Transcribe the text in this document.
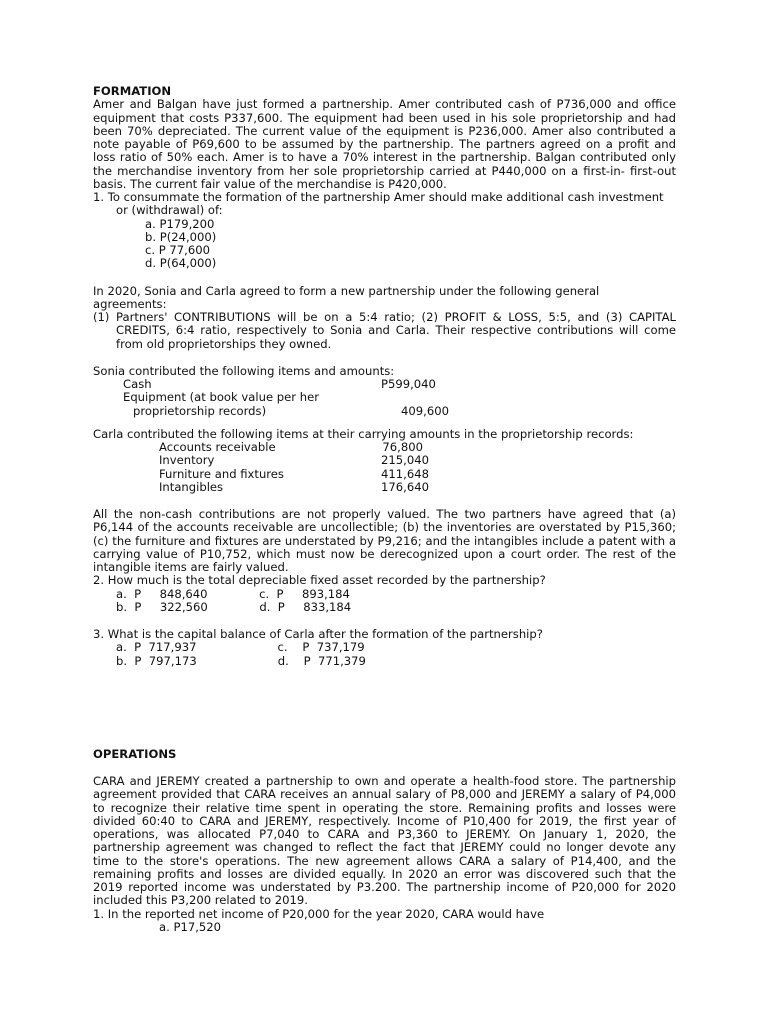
FORMATION

Amer and Balgan have just formed a partnership. Amer contributed cash of P736,000 and office equipment that costs P337,600. The equipment had been used in his sole proprietorship and had been 70% depreciated. The current value of the equipment is P236,000. Amer also contributed a note payable of P69,600 to be assumed by the partnership. The partners agreed on a profit and loss ratio of 50% each. Amer is to have a 70% interest in the partnership. Balgan contributed only the merchandise inventory from her sole proprietorship carried at P440,000 on a first-in- first-out basis. The current fair value of the merchandise is P420,000.

1. To consummate the formation of the partnership Amer should make additional cash investment

or (withdrawal) of:

a. P179,200

b. P(24,000)

c. P 77,600

d. P(64,000)

In 2020, Sonia and Carla agreed to form a new partnership under the following general agreements:

(1) Partners' CONTRIBUTIONS will be on a 5:4 ratio; (2) PROFIT & LOSS, 5:5, and (3) CAPITAL CREDITS, 6:4 ratio, respectively to Sonia and Carla. Their respective contributions will come from old proprietorships they owned.

Sonia contributed the following items and amounts:

Cash	P599,040

Equipment (at book value per her

proprietorship records)	409,600

Carla contributed the following items at their carrying amounts in the proprietorship records:

Accounts receivable	76,800
Inventory	215,040
Furniture and fixtures	411,648
Intangibles	176,640

All the non-cash contributions are not properly valued. The two partners have agreed that (a) P6,144 of the accounts receivable are uncollectible; (b) the inventories are overstated by P15,360; (c) the furniture and fixtures are understated by P9,216; and the intangibles include a patent with a carrying value of P10,752, which must now be derecognized upon a court order. The rest of the intangible items are fairly valued.

2. How much is the total depreciable fixed asset recorded by the partnership?

a.  P     848,640              c.  P     893,184

b.  P     322,560              d.  P     833,184

3. What is the capital balance of Carla after the formation of the partnership?

a.  P  717,937                      c.    P  737,179

b.  P  797,173                      d.    P  771,379

OPERATIONS

CARA and JEREMY created a partnership to own and operate a health-food store. The partnership agreement provided that CARA receives an annual salary of P8,000 and JEREMY a salary of P4,000 to recognize their relative time spent in operating the store. Remaining profits and losses were divided 60:40 to CARA and JEREMY, respectively. Income of P10,400 for 2019, the first year of operations, was allocated P7,040 to CARA and P3,360 to JEREMY. On January 1, 2020, the partnership agreement was changed to reflect the fact that JEREMY could no longer devote any time to the store's operations. The new agreement allows CARA a salary of P14,400, and the remaining profits and losses are divided equally. In 2020 an error was discovered such that the 2019 reported income was understated by P3.200. The partnership income of P20,000 for 2020 included this P3,200 related to 2019.

1. In the reported net income of P20,000 for the year 2020, CARA would have

a. P17,520
